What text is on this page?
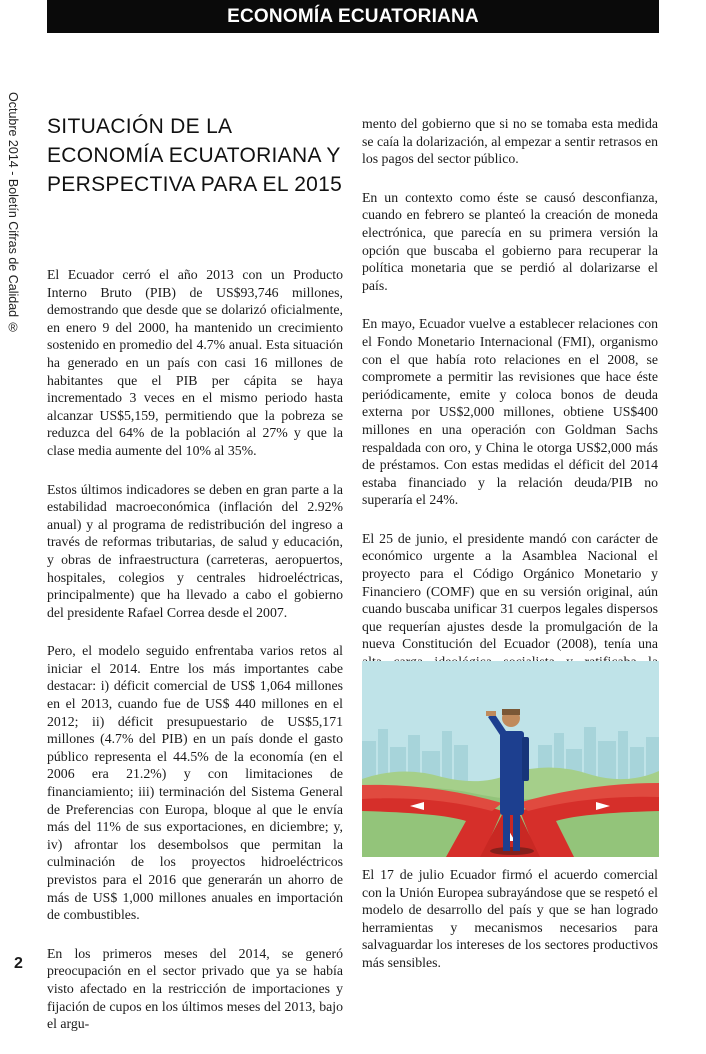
ECONOMÍA ECUATORIANA
Octubre 2014 - Boletín Cifras de Calidad ®
2
SITUACIÓN DE LA ECONOMÍA ECUATORIANA Y PERSPECTIVA PARA EL 2015

El Ecuador cerró el año 2013 con un Producto Interno Bruto (PIB) de US$93,746 millones, demostrando que desde que se dolarizó oficialmente, en enero 9 del 2000, ha mantenido un crecimiento sostenido en promedio del 4.7% anual. Esta situación ha generado en un país con casi 16 millones de habitantes que el PIB per cápita se haya incrementado 3 veces en el mismo periodo hasta alcanzar US$5,159, permitiendo que la pobreza se reduzca del 64% de la población al 27% y que la clase media aumente del 10% al 35%.

Estos últimos indicadores se deben en gran parte a la estabilidad macroeconómica (inflación del 2.92% anual) y al programa de redistribución del ingreso a través de reformas tributarias, de salud y educación, y obras de infraestructura (carreteras, aeropuertos, hospitales, colegios y centrales hidroeléctricas, principalmente) que ha llevado a cabo el gobierno del presidente Rafael Correa desde el 2007.

Pero, el modelo seguido enfrentaba varios retos al iniciar el 2014. Entre los más importantes cabe destacar: i) déficit comercial de US$ 1,064 millones en el 2013, cuando fue de US$ 440 millones en el 2012; ii) déficit presupuestario de US$5,171 millones (4.7% del PIB) en un país donde el gasto público representa el 44.5% de la economía (en el 2006 era 21.2%) y con limitaciones de financiamiento; iii) terminación del Sistema General de Preferencias con Europa, bloque al que le envía más del 11% de sus exportaciones, en diciembre; y, iv) afrontar los desembolsos que permitan la culminación de los proyectos hidroeléctricos previstos para el 2016 que generarán un ahorro de más de US$ 1,000 millones anuales en importación de combustibles.

En los primeros meses del 2014, se generó preocupación en el sector privado que ya se había visto afectado en la restricción de importaciones y fijación de cupos en los últimos meses del 2013, bajo el argu-

mento del gobierno que si no se tomaba esta medida se caía la dolarización, al empezar a sentir retrasos en los pagos del sector público.

En un contexto como éste se causó desconfianza, cuando en febrero se planteó la creación de moneda electrónica, que parecía en su primera versión la opción que buscaba el gobierno para recuperar la política monetaria que se perdió al dolarizarse el país.

En mayo, Ecuador vuelve a establecer relaciones con el Fondo Monetario Internacional (FMI), organismo con el que había roto relaciones en el 2008, se compromete a permitir las revisiones que hace éste periódicamente, emite y coloca bonos de deuda externa por US$2,000 millones, obtiene US$400 millones en una operación con Goldman Sachs respaldada con oro, y China le otorga US$2,000 más de préstamos. Con estas medidas el déficit del 2014 estaba financiado y la relación deuda/PIB no superaría el 24%.

El 25 de junio, el presidente mandó con carácter de económico urgente a la Asamblea Nacional el proyecto para el Código Orgánico Monetario y Financiero (COMF) que en su versión original, aún cuando buscaba unificar 31 cuerpos legales dispersos que requerían ajustes desde la promulgación de la nueva Constitución del Ecuador (2008), tenía una

El 17 de julio Ecuador firmó el acuerdo comercial con la Unión Europea subrayándose que se respetó el modelo de desarrollo del país y que se han logrado herramientas y mecanismos necesarios para salvaguardar los intereses de los sectores productivos más sensibles.
